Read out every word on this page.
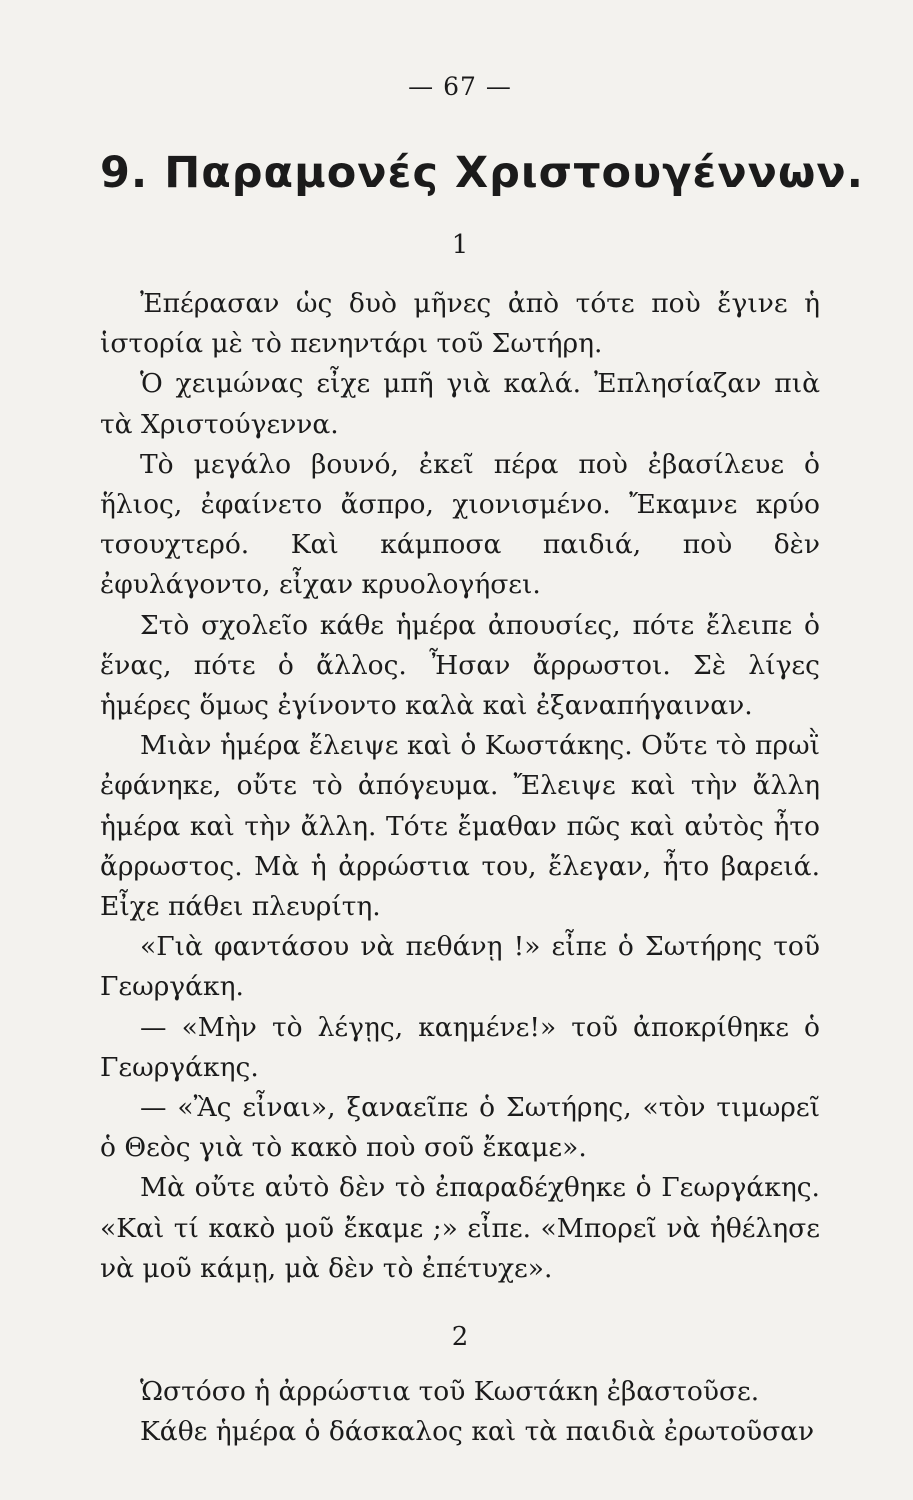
— 67 —
9. Παραμονές Χριστουγέννων.
1

Ἐπέρασαν ὡς δυὸ μῆνες ἀπὸ τότε ποὺ ἔγινε ἡ ἱστορία μὲ τὸ πενηντάρι τοῦ Σωτήρη.

Ὁ χειμώνας εἶχε μπῆ γιὰ καλά. Ἐπλησίαζαν πιὰ τὰ Χριστούγεννα.

Τὸ μεγάλο βουνό, ἐκεῖ πέρα ποὺ ἐβασίλευε ὁ ἥλιος, ἐφαίνετο ἄσπρο, χιονισμένο. Ἔκαμνε κρύο τσουχτερό. Καὶ κάμποσα παιδιά, ποὺ δὲν ἐφυλάγοντο, εἶχαν κρυολογήσει.

Στὸ σχολεῖο κάθε ἡμέρα ἀπουσίες, πότε ἔλειπε ὁ ἕνας, πότε ὁ ἄλλος. Ἦσαν ἄρρωστοι. Σὲ λίγες ἡμέρες ὅμως ἐγίνοντο καλὰ καὶ ἐξαναπήγαιναν.

Μιὰν ἡμέρα ἔλειψε καὶ ὁ Κωστάκης. Οὔτε τὸ πρωῒ ἐφάνηκε, οὔτε τὸ ἀπόγευμα. Ἔλειψε καὶ τὴν ἄλλη ἡμέρα καὶ τὴν ἄλλη. Τότε ἔμαθαν πῶς καὶ αὐτὸς ἦτο ἄρρωστος. Μὰ ἡ ἀρρώστια του, ἔλεγαν, ἦτο βαρειά. Εἶχε πάθει πλευρίτη.

«Γιὰ φαντάσου νὰ πεθάνῃ !» εἶπε ὁ Σωτήρης τοῦ Γεωργάκη.

— «Μὴν τὸ λέγῃς, καημένε!» τοῦ ἀποκρίθηκε ὁ Γεωργάκης.

— «Ἂς εἶναι», ξαναεῖπε ὁ Σωτήρης, «τὸν τιμωρεῖ ὁ Θεὸς γιὰ τὸ κακὸ ποὺ σοῦ ἔκαμε».

Μὰ οὔτε αὐτὸ δὲν τὸ ἐπαραδέχθηκε ὁ Γεωργάκης. «Καὶ τί κακὸ μοῦ ἔκαμε ;» εἶπε. «Μπορεῖ νὰ ἠθέλησε νὰ μοῦ κάμῃ, μὰ δὲν τὸ ἐπέτυχε».

2

Ὡστόσο ἡ ἀρρώστια τοῦ Κωστάκη ἐβαστοῦσε.

Κάθε ἡμέρα ὁ δάσκαλος καὶ τὰ παιδιὰ ἐρωτοῦσαν
